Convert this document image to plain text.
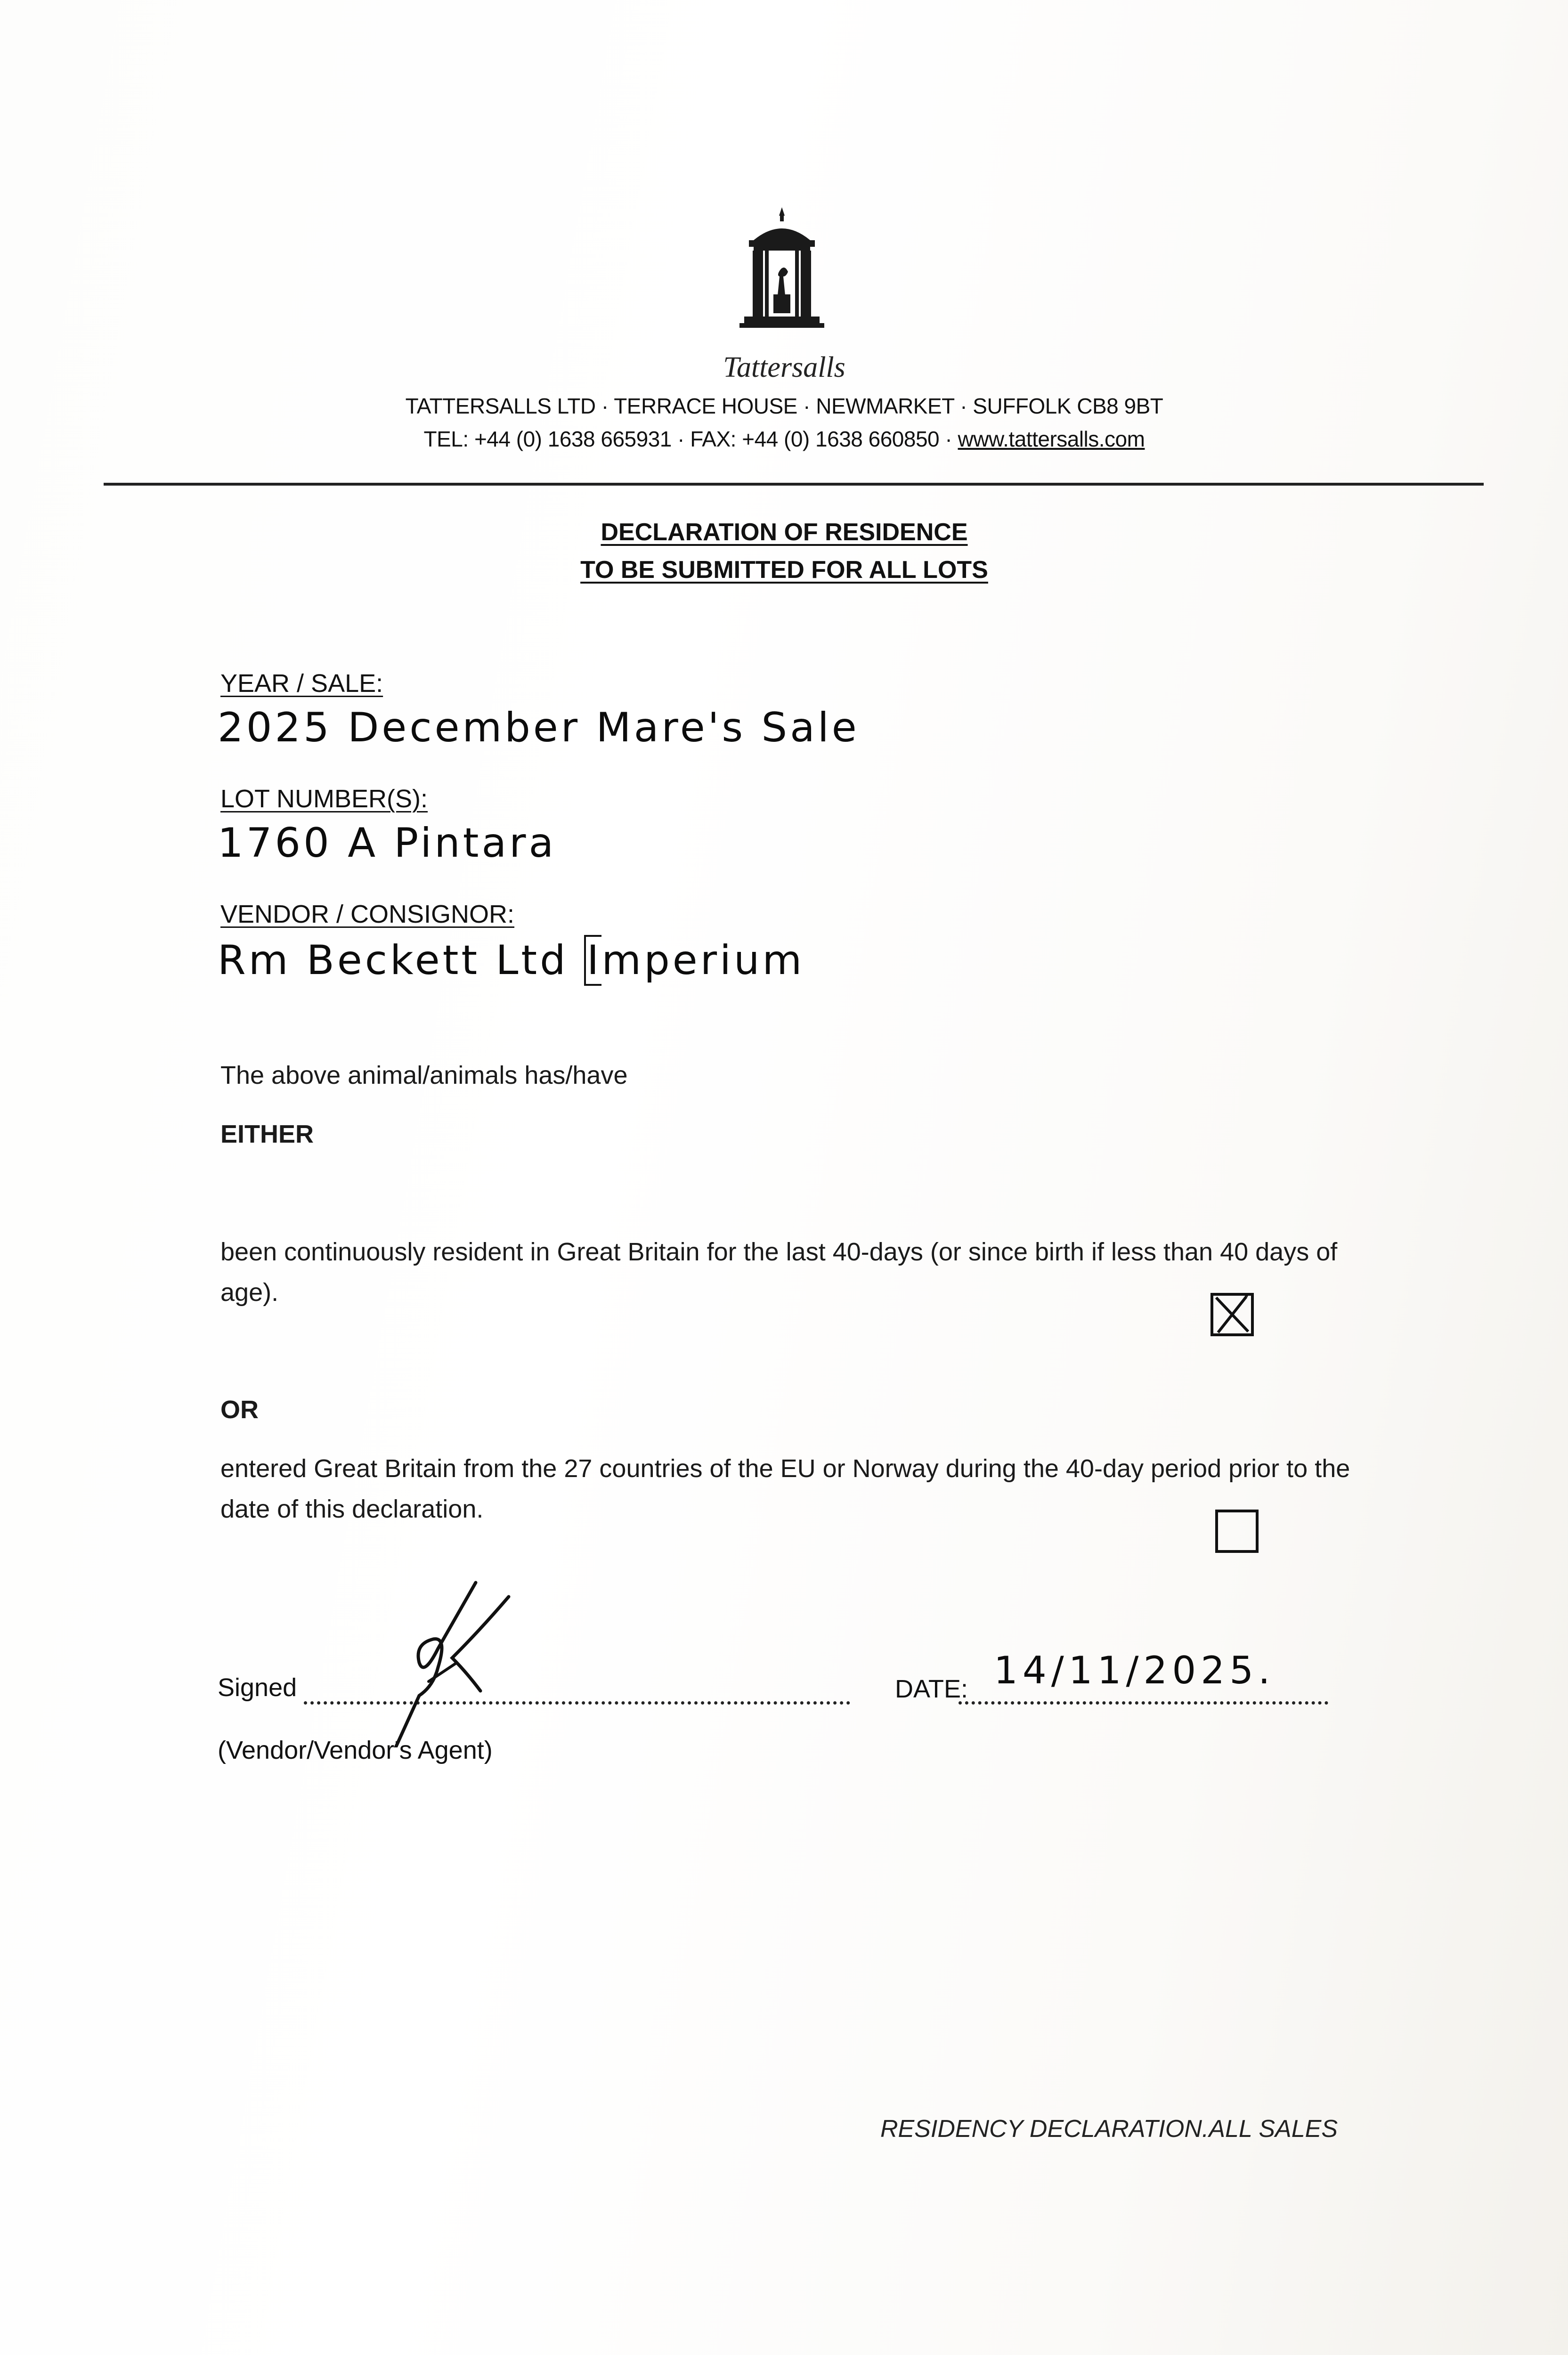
Tattersalls
TATTERSALLS LTD · TERRACE HOUSE · NEWMARKET · SUFFOLK CB8 9BT
TEL: +44 (0) 1638 665931 · FAX: +44 (0) 1638 660850 · www.tattersalls.com
DECLARATION OF RESIDENCE
TO BE SUBMITTED FOR ALL LOTS
YEAR / SALE:
2025 December Mare's Sale
LOT NUMBER(S):
1760 A Pintara
VENDOR / CONSIGNOR:
Rm Beckett Ltd Imperium
The above animal/animals has/have
EITHER
been continuously resident in Great Britain for the last 40-days (or since birth if less than 40 days of age).
OR
entered Great Britain from the 27 countries of the EU or Norway during the 40-day period prior to the date of this declaration.
Signed
(Vendor/Vendor's Agent)
DATE: 14/11/2025.
RESIDENCY DECLARATION.ALL SALES
